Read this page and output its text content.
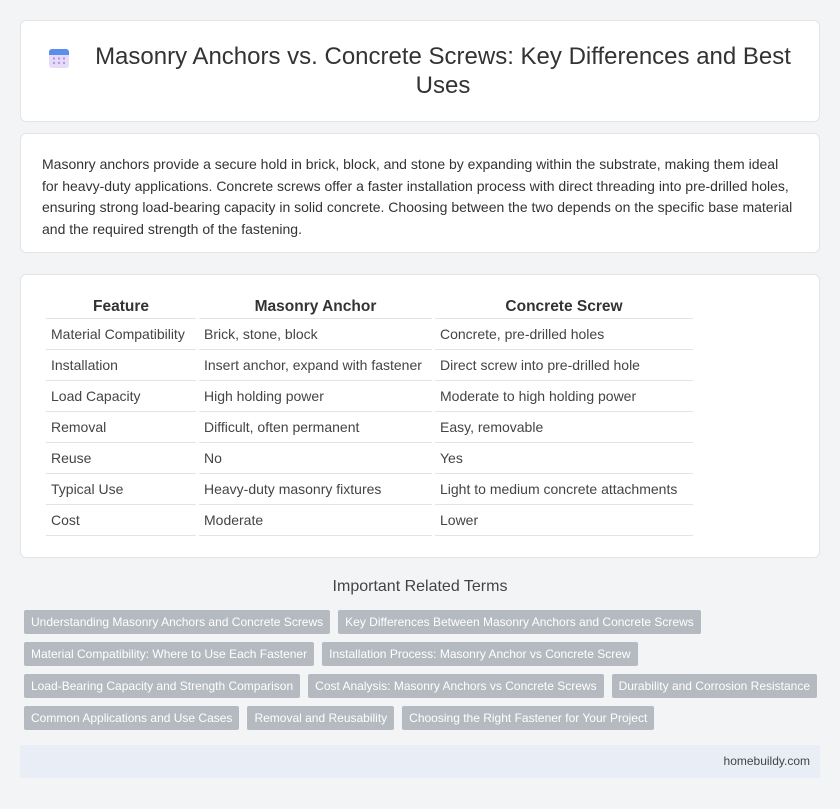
Masonry Anchors vs. Concrete Screws: Key Differences and Best Uses

Masonry anchors provide a secure hold in brick, block, and stone by expanding within the substrate, making them ideal for heavy-duty applications. Concrete screws offer a faster installation process with direct threading into pre-drilled holes, ensuring strong load-bearing capacity in solid concrete. Choosing between the two depends on the specific base material and the required strength of the fastening.

Feature	Masonry Anchor	Concrete Screw
Material Compatibility	Brick, stone, block	Concrete, pre-drilled holes
Installation	Insert anchor, expand with fastener	Direct screw into pre-drilled hole
Load Capacity	High holding power	Moderate to high holding power
Removal	Difficult, often permanent	Easy, removable
Reuse	No	Yes
Typical Use	Heavy-duty masonry fixtures	Light to medium concrete attachments
Cost	Moderate	Lower
Important Related Terms
Understanding Masonry Anchors and Concrete Screws	Key Differences Between Masonry Anchors and Concrete Screws
Material Compatibility: Where to Use Each Fastener	Installation Process: Masonry Anchor vs Concrete Screw
Load-Bearing Capacity and Strength Comparison	Cost Analysis: Masonry Anchors vs Concrete Screws	Durability and Corrosion Resistance
Common Applications and Use Cases	Removal and Reusability	Choosing the Right Fastener for Your Project
homebuildy.com
